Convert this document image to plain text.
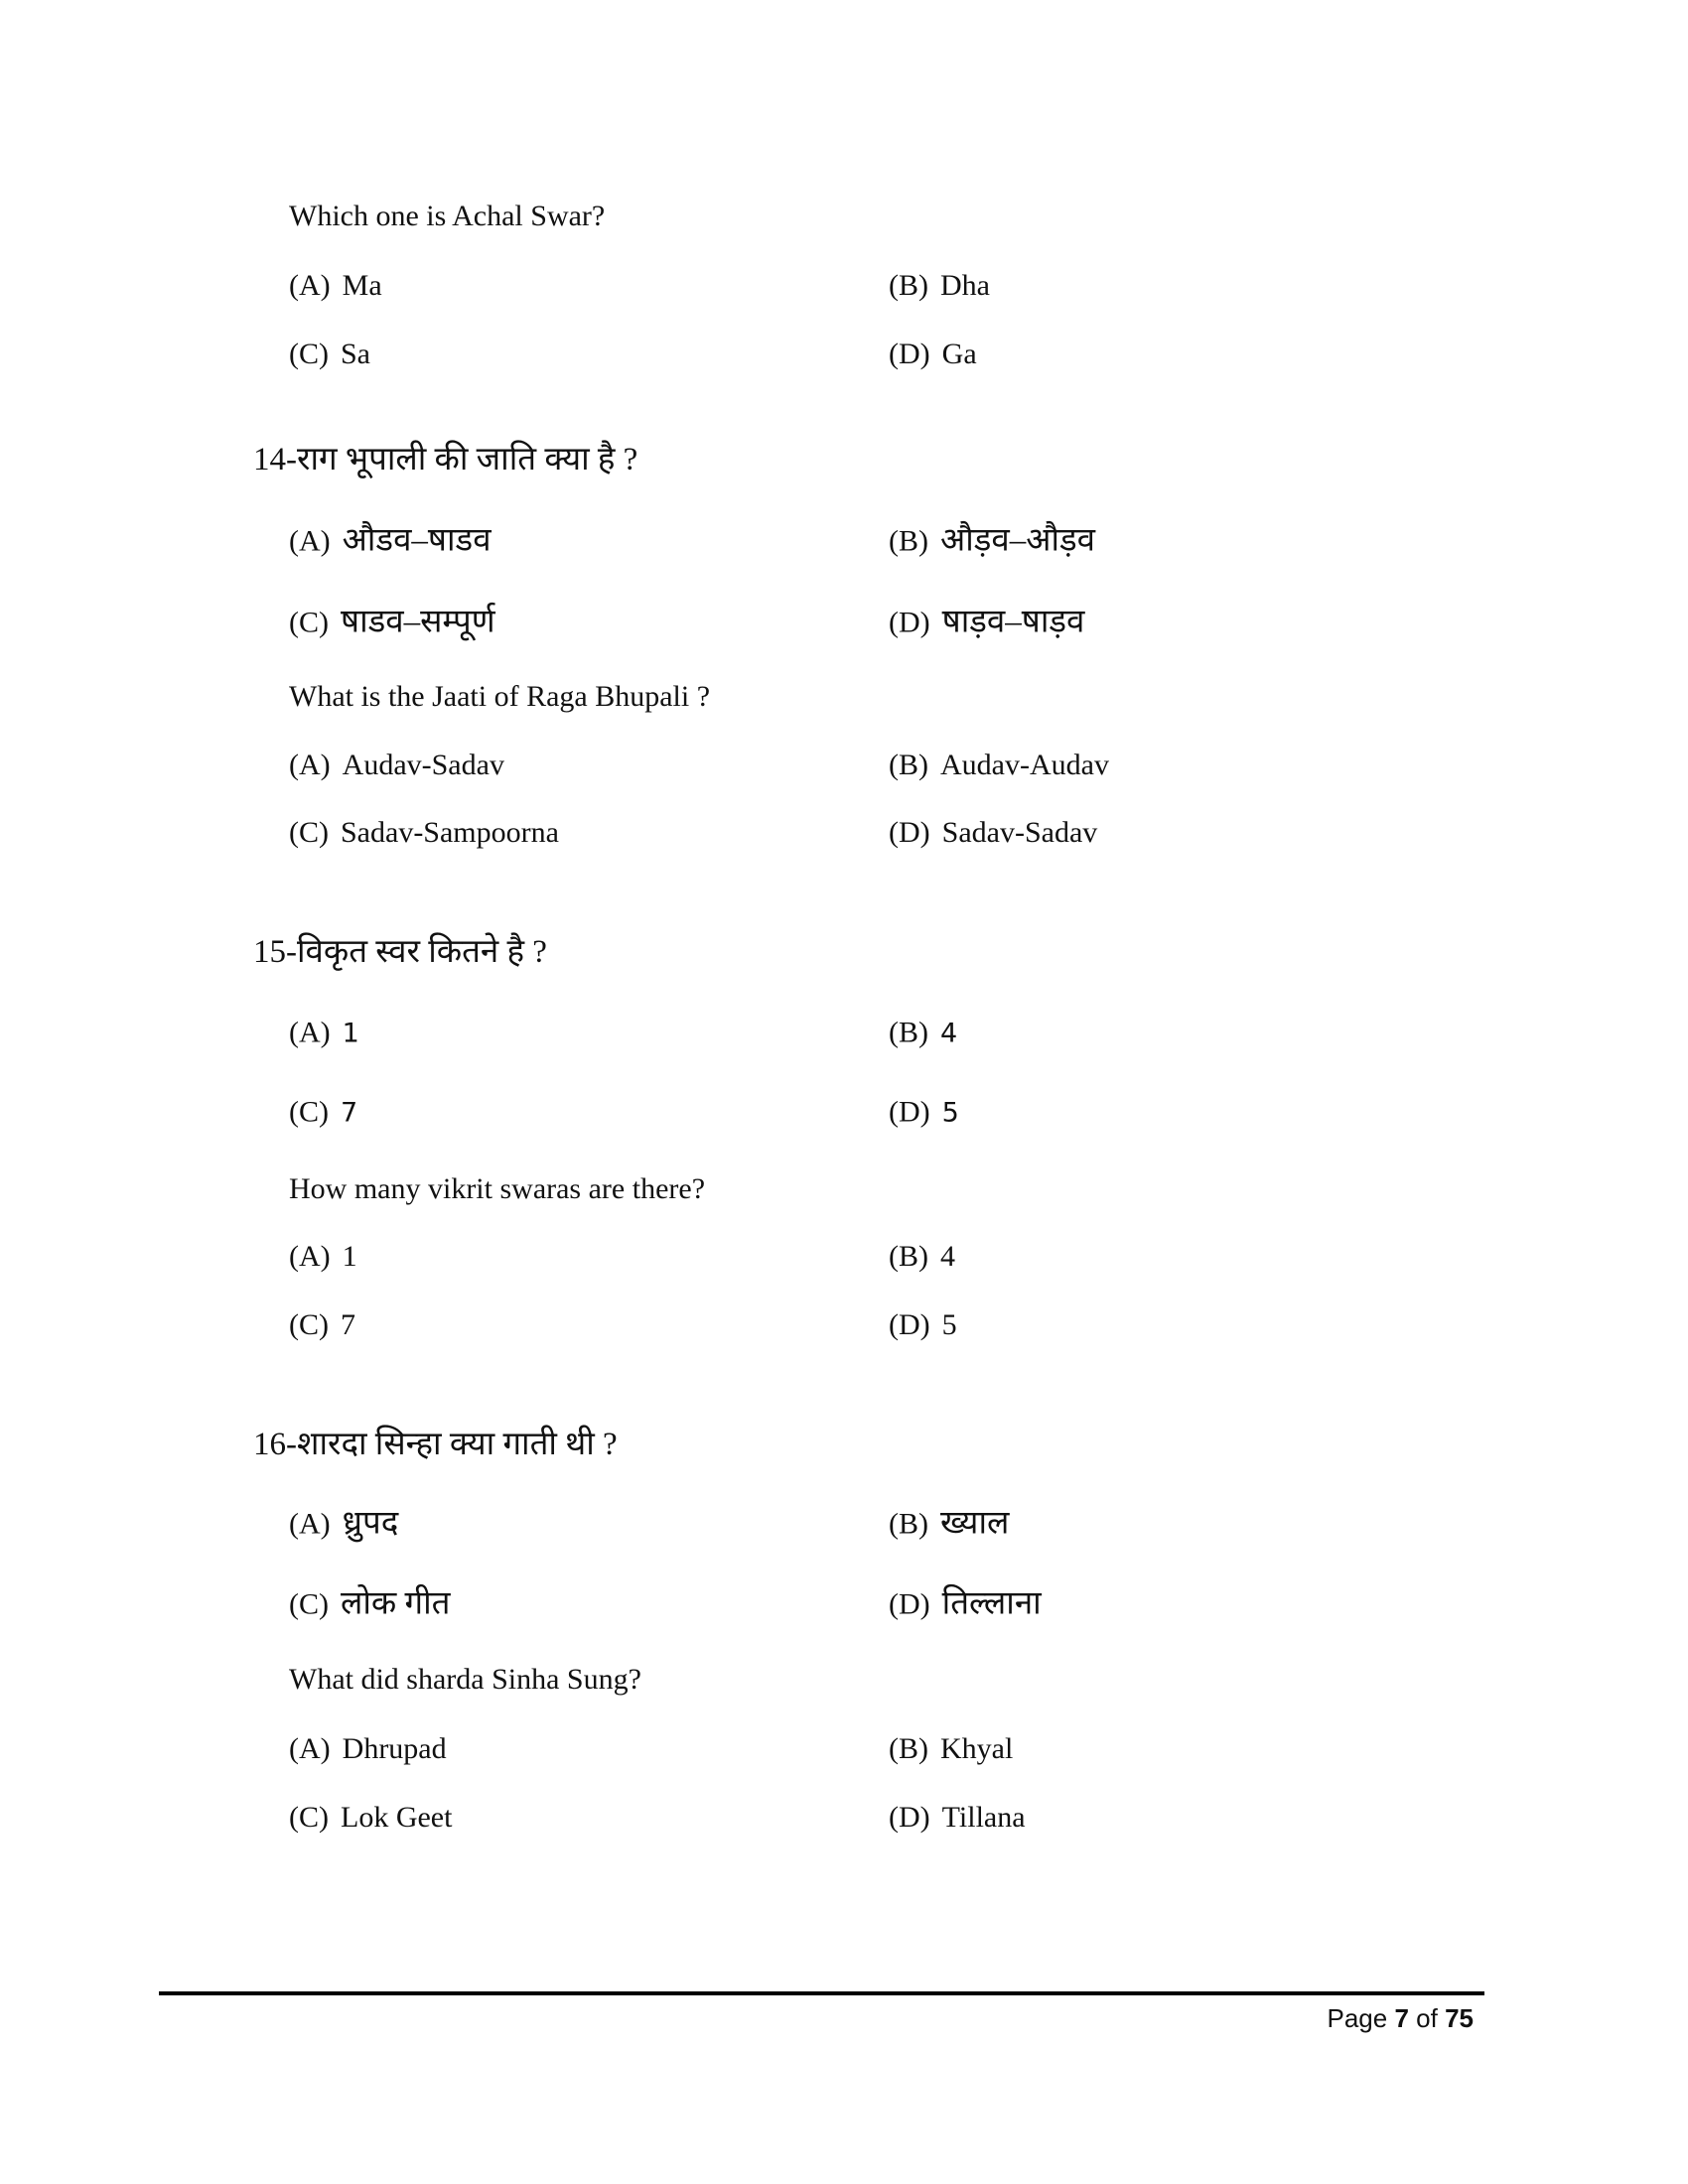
Which one is Achal Swar?
(A) Ma	(B) Dha
(C) Sa	(D) Ga
14-राग भूपाली की जाति क्या है ?
(A) औडव–षाडव	(B) औड़व–औड़व
(C) षाडव–सम्पूर्ण	(D) षाड़व–षाड़व
What is the Jaati of Raga Bhupali ?
(A) Audav-Sadav	(B) Audav-Audav
(C) Sadav-Sampoorna	(D) Sadav-Sadav
15-विकृत स्वर कितने है ?
(A) 1	(B) 4
(C) 7	(D) 5
How many vikrit swaras are there?
(A) 1	(B) 4
(C) 7	(D) 5
16-शारदा सिन्हा क्या गाती थी ?
(A) ध्रुपद	(B) ख्याल
(C) लोक गीत	(D) तिल्लाना
What did sharda Sinha Sung?
(A) Dhrupad	(B) Khyal
(C) Lok Geet	(D) Tillana
Page 7 of 75
